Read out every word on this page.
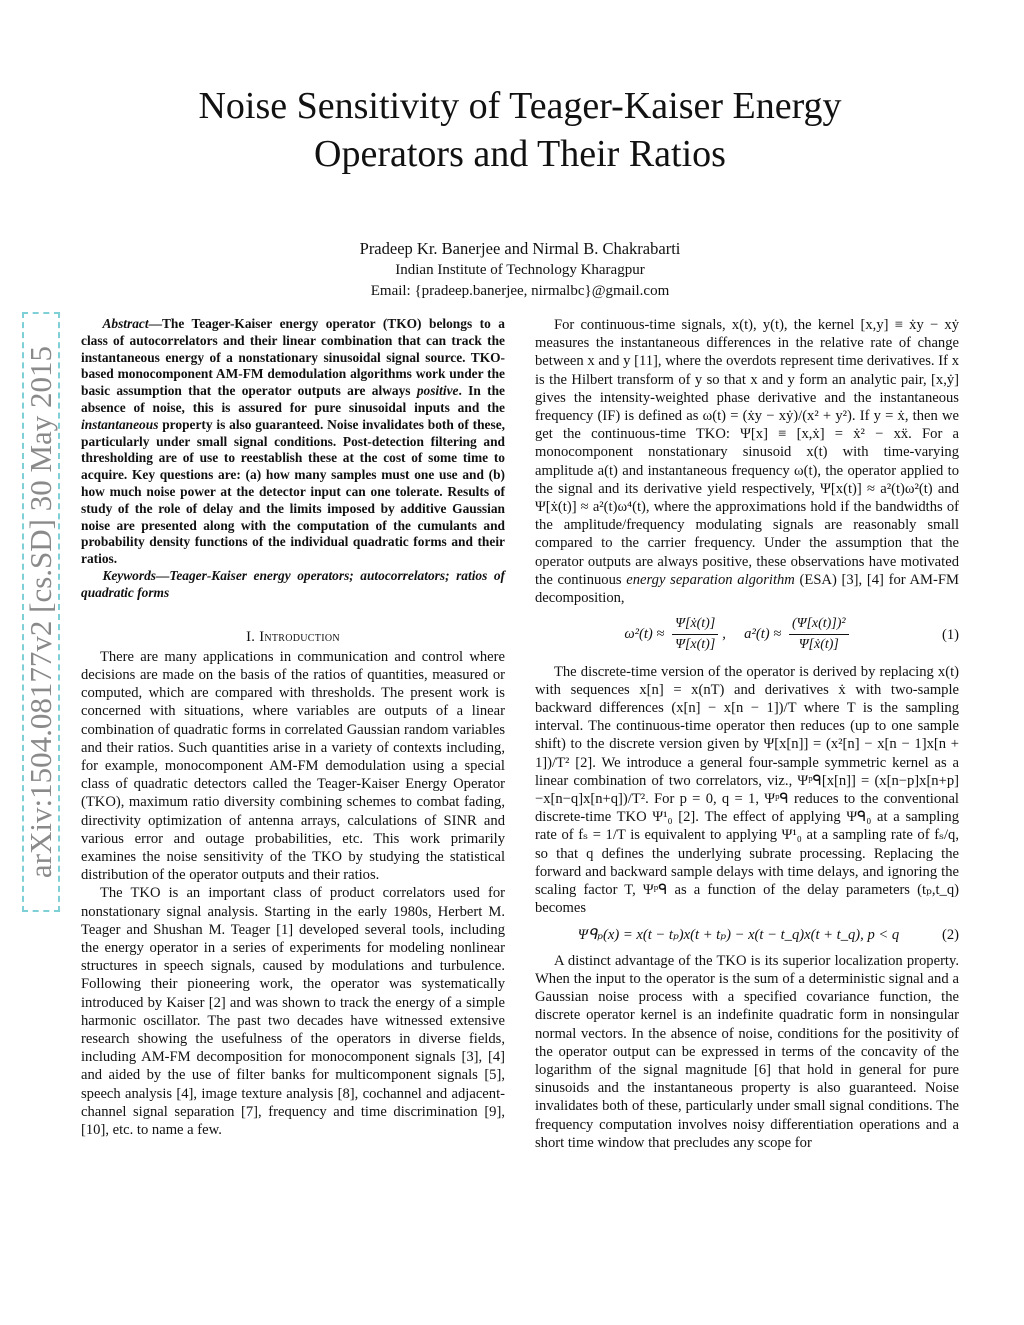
arXiv:1504.08177v2 [cs.SD] 30 May 2015
Noise Sensitivity of Teager-Kaiser Energy
Operators and Their Ratios
Pradeep Kr. Banerjee and Nirmal B. Chakrabarti
Indian Institute of Technology Kharagpur
Email: {pradeep.banerjee, nirmalbc}@gmail.com

Abstract—The Teager-Kaiser energy operator (TKO) belongs to a class of autocorrelators and their linear combination that can track the instantaneous energy of a nonstationary sinusoidal signal source. TKO-based monocomponent AM-FM demodulation algorithms work under the basic assumption that the operator outputs are always positive. In the absence of noise, this is assured for pure sinusoidal inputs and the instantaneous property is also guaranteed. Noise invalidates both of these, particularly under small signal conditions. Post-detection filtering and thresholding are of use to reestablish these at the cost of some time to acquire. Key questions are: (a) how many samples must one use and (b) how much noise power at the detector input can one tolerate. Results of study of the role of delay and the limits imposed by additive Gaussian noise are presented along with the computation of the cumulants and probability density functions of the individual quadratic forms and their ratios.

Keywords—Teager-Kaiser energy operators; autocorrelators; ratios of quadratic forms

I. Introduction

There are many applications in communication and control where decisions are made on the basis of the ratios of quantities, measured or computed, which are compared with thresholds. The present work is concerned with situations, where variables are outputs of a linear combination of quadratic forms in correlated Gaussian random variables and their ratios. Such quantities arise in a variety of contexts including, for example, monocomponent AM-FM demodulation using a special class of quadratic detectors called the Teager-Kaiser Energy Operator (TKO), maximum ratio diversity combining schemes to combat fading, directivity optimization of antenna arrays, calculations of SINR and various error and outage probabilities, etc. This work primarily examines the noise sensitivity of the TKO by studying the statistical distribution of the operator outputs and their ratios.

The TKO is an important class of product correlators used for nonstationary signal analysis. Starting in the early 1980s, Herbert M. Teager and Shushan M. Teager [1] developed several tools, including the energy operator in a series of experiments for modeling nonlinear structures in speech signals, caused by modulations and turbulence. Following their pioneering work, the operator was systematically introduced by Kaiser [2] and was shown to track the energy of a simple harmonic oscillator. The past two decades have witnessed extensive research showing the usefulness of the operators in diverse fields, including AM-FM decomposition for monocomponent signals [3], [4] and aided by the use of filter banks for multicomponent signals [5], speech analysis [4], image texture analysis [8], cochannel and adjacent-channel signal separation [7], frequency and time discrimination [9], [10], etc. to name a few.

For continuous-time signals, x(t), y(t), the kernel [x,y] ≡ ẋy − xẏ measures the instantaneous differences in the relative rate of change between x and y [11], where the overdots represent time derivatives. If x is the Hilbert transform of y so that x and y form an analytic pair, [x,ẏ] gives the intensity-weighted phase derivative and the instantaneous frequency (IF) is defined as ω(t) = (ẋy − xẏ)/(x² + y²). If y = ẋ, then we get the continuous-time TKO: Ψ[x] ≡ [x,ẋ] = ẋ² − xẍ. For a monocomponent nonstationary sinusoid x(t) with time-varying amplitude a(t) and instantaneous frequency ω(t), the operator applied to the signal and its derivative yield respectively, Ψ[x(t)] ≈ a²(t)ω²(t) and Ψ[ẋ(t)] ≈ a²(t)ω⁴(t), where the approximations hold if the bandwidths of the amplitude/frequency modulating signals are reasonably small compared to the carrier frequency. Under the assumption that the operator outputs are always positive, these observations have motivated the continuous energy separation algorithm (ESA) [3], [4] for AM-FM decomposition,

$\omega^2(t) \approx \frac{\text{Ψ[ẋ(t)]}}{\Psi[x(t)]}$ ,     $a^2(t) \approx \frac{\text{(Ψ[x(t)])²}}{\text{Ψ[ẋ(t)]}}$	(1)

The discrete-time version of the operator is derived by replacing x(t) with sequences x[n] = x(nT) and derivatives ẋ with two-sample backward differences (x[n] − x[n − 1])/T where T is the sampling interval. The continuous-time operator then reduces (up to one sample shift) to the discrete version given by Ψ[x[n]] = (x²[n] − x[n − 1]x[n + 1])/T² [2]. We introduce a general four-sample symmetric kernel as a linear combination of two correlators, viz., Ψᵖᑫ[x[n]] = (x[n−p]x[n+p]−x[n−q]x[n+q])/T². For p = 0, q = 1, Ψᵖᑫ reduces to the conventional discrete-time TKO Ψ¹₀ [2]. The effect of applying Ψᑫ₀ at a sampling rate of fₛ = 1/T is equivalent to applying Ψ¹₀ at a sampling rate of fₛ/q, so that q defines the underlying subrate processing. Replacing the forward and backward sample delays with time delays, and ignoring the scaling factor T, Ψᵖᑫ as a function of the delay parameters (tₚ,t_q) becomes

Ψᑫₚ(x) = x(t − tₚ)x(t + tₚ) − x(t − t_q)x(t + t_q), p < q	(2)

A distinct advantage of the TKO is its superior localization property. When the input to the operator is the sum of a deterministic signal and a Gaussian noise process with a specified covariance function, the discrete operator kernel is an indefinite quadratic form in nonsingular normal vectors. In the absence of noise, conditions for the positivity of the operator output can be expressed in terms of the concavity of the logarithm of the signal magnitude [6] that hold in general for pure sinusoids and the instantaneous property is also guaranteed. Noise invalidates both of these, particularly under small signal conditions. The frequency computation involves noisy differentiation operations and a short time window that precludes any scope for
